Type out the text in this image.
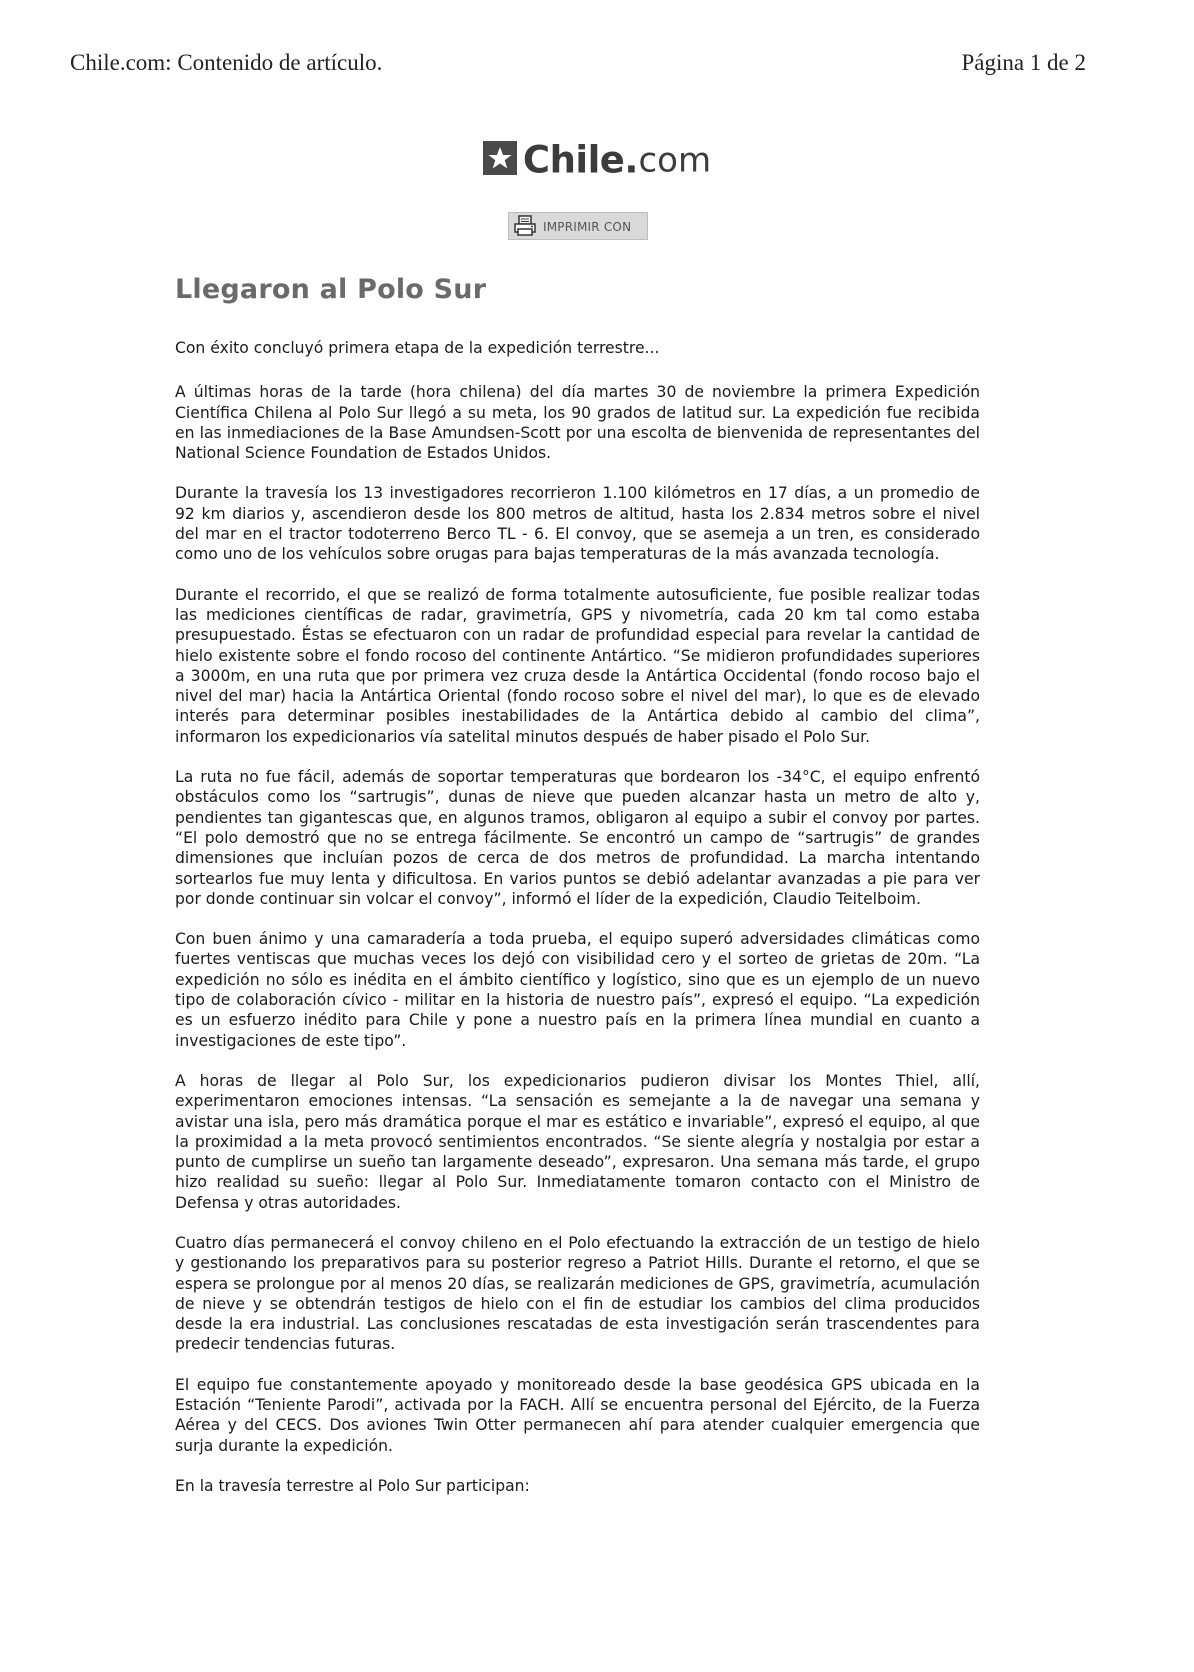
Chile.com: Contenido de artículo.	Página 1 de 2
Chile.com
IMPRIMIR CON
Llegaron al Polo Sur

Con éxito concluyó primera etapa de la expedición terrestre...

A últimas horas de la tarde (hora chilena) del día martes 30 de noviembre la primera Expedición Científica Chilena al Polo Sur llegó a su meta, los 90 grados de latitud sur. La expedición fue recibida en las inmediaciones de la Base Amundsen-Scott por una escolta de bienvenida de representantes del National Science Foundation de Estados Unidos.

Durante la travesía los 13 investigadores recorrieron 1.100 kilómetros en 17 días, a un promedio de 92 km diarios y, ascendieron desde los 800 metros de altitud, hasta los 2.834 metros sobre el nivel del mar en el tractor todoterreno Berco TL - 6. El convoy, que se asemeja a un tren, es considerado como uno de los vehículos sobre orugas para bajas temperaturas de la más avanzada tecnología.

Durante el recorrido, el que se realizó de forma totalmente autosuficiente, fue posible realizar todas las mediciones científicas de radar, gravimetría, GPS y nivometría, cada 20 km tal como estaba presupuestado. Éstas se efectuaron con un radar de profundidad especial para revelar la cantidad de hielo existente sobre el fondo rocoso del continente Antártico. “Se midieron profundidades superiores a 3000m, en una ruta que por primera vez cruza desde la Antártica Occidental (fondo rocoso bajo el nivel del mar) hacia la Antártica Oriental (fondo rocoso sobre el nivel del mar), lo que es de elevado interés para determinar posibles inestabilidades de la Antártica debido al cambio del clima”, informaron los expedicionarios vía satelital minutos después de haber pisado el Polo Sur.

La ruta no fue fácil, además de soportar temperaturas que bordearon los -34°C, el equipo enfrentó obstáculos como los “sartrugis”, dunas de nieve que pueden alcanzar hasta un metro de alto y, pendientes tan gigantescas que, en algunos tramos, obligaron al equipo a subir el convoy por partes. “El polo demostró que no se entrega fácilmente. Se encontró un campo de “sartrugis” de grandes dimensiones que incluían pozos de cerca de dos metros de profundidad. La marcha intentando sortearlos fue muy lenta y dificultosa. En varios puntos se debió adelantar avanzadas a pie para ver por donde continuar sin volcar el convoy”, informó el líder de la expedición, Claudio Teitelboim.

Con buen ánimo y una camaradería a toda prueba, el equipo superó adversidades climáticas como fuertes ventiscas que muchas veces los dejó con visibilidad cero y el sorteo de grietas de 20m. “La expedición no sólo es inédita en el ámbito científico y logístico, sino que es un ejemplo de un nuevo tipo de colaboración cívico - militar en la historia de nuestro país”, expresó el equipo. “La expedición es un esfuerzo inédito para Chile y pone a nuestro país en la primera línea mundial en cuanto a investigaciones de este tipo”.

A horas de llegar al Polo Sur, los expedicionarios pudieron divisar los Montes Thiel, allí, experimentaron emociones intensas. “La sensación es semejante a la de navegar una semana y avistar una isla, pero más dramática porque el mar es estático e invariable”, expresó el equipo, al que la proximidad a la meta provocó sentimientos encontrados. “Se siente alegría y nostalgia por estar a punto de cumplirse un sueño tan largamente deseado”, expresaron. Una semana más tarde, el grupo hizo realidad su sueño: llegar al Polo Sur. Inmediatamente tomaron contacto con el Ministro de Defensa y otras autoridades.

Cuatro días permanecerá el convoy chileno en el Polo efectuando la extracción de un testigo de hielo y gestionando los preparativos para su posterior regreso a Patriot Hills. Durante el retorno, el que se espera se prolongue por al menos 20 días, se realizarán mediciones de GPS, gravimetría, acumulación de nieve y se obtendrán testigos de hielo con el fin de estudiar los cambios del clima producidos desde la era industrial. Las conclusiones rescatadas de esta investigación serán trascendentes para predecir tendencias futuras.

El equipo fue constantemente apoyado y monitoreado desde la base geodésica GPS ubicada en la Estación “Teniente Parodi”, activada por la FACH. Allí se encuentra personal del Ejército, de la Fuerza Aérea y del CECS. Dos aviones Twin Otter permanecen ahí para atender cualquier emergencia que surja durante la expedición.

En la travesía terrestre al Polo Sur participan:
